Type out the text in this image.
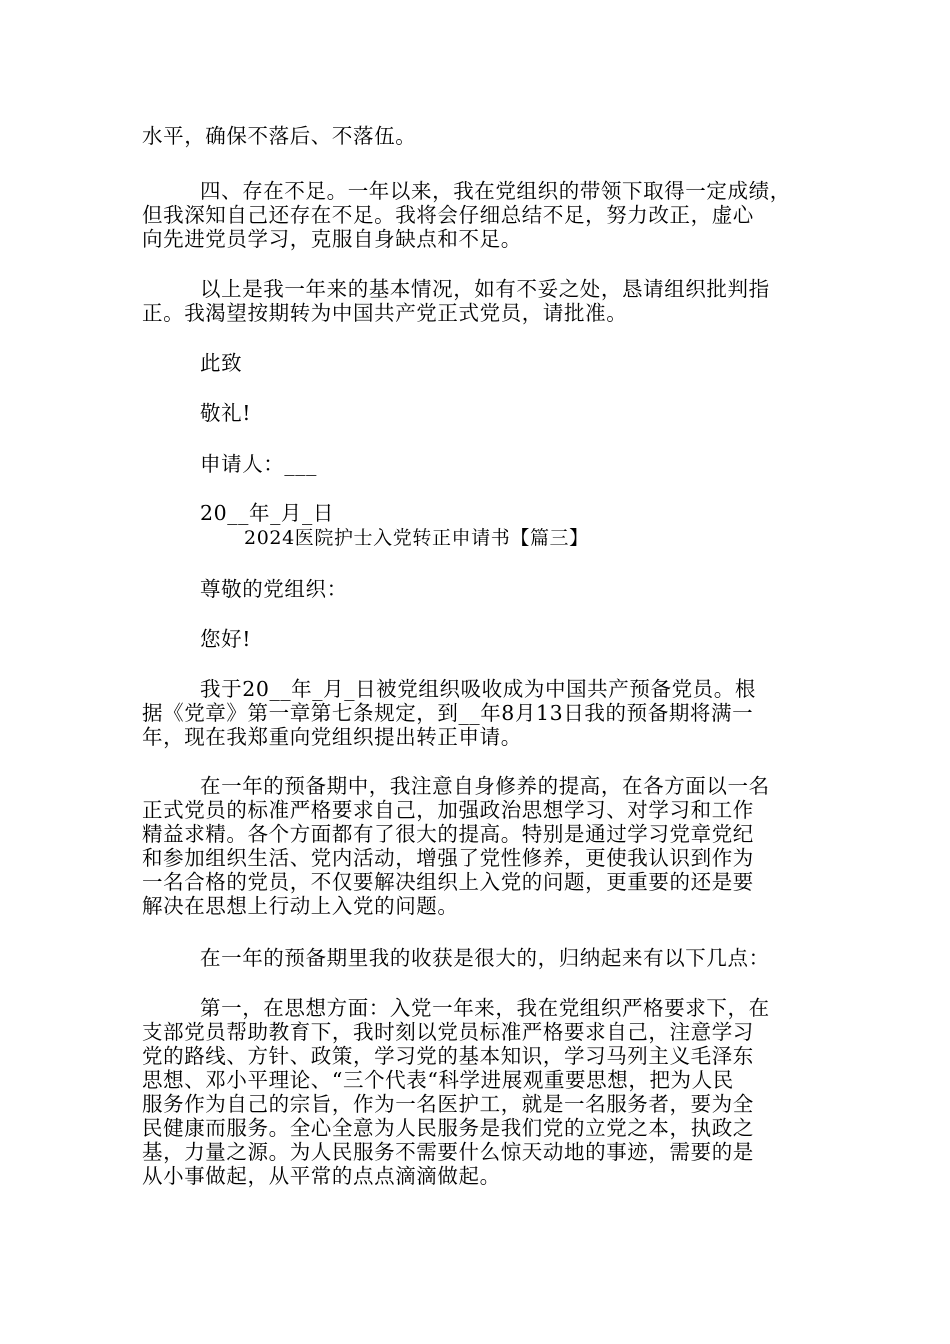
水平，确保不落后、不落伍。
四、存在不足。一年以来，我在党组织的带领下取得一定成绩，
但我深知自己还存在不足。我将会仔细总结不足，努力改正，虚心
向先进党员学习，克服自身缺点和不足。
以上是我一年来的基本情况，如有不妥之处，恳请组织批判指
正。我渴望按期转为中国共产党正式党员，请批准。
此致
敬礼!
申请人：___
20__年_月_日
2024医院护士入党转正申请书【篇三】
尊敬的党组织：
您好!
我于20__年_月_日被党组织吸收成为中国共产预备党员。根
据《党章》第一章第七条规定，到__年8月13日我的预备期将满一
年，现在我郑重向党组织提出转正申请。
在一年的预备期中，我注意自身修养的提高，在各方面以一名
正式党员的标准严格要求自己，加强政治思想学习、对学习和工作
精益求精。各个方面都有了很大的提高。特别是通过学习党章党纪
和参加组织生活、党内活动，增强了党性修养，更使我认识到作为
一名合格的党员，不仅要解决组织上入党的问题，更重要的还是要
解决在思想上行动上入党的问题。
在一年的预备期里我的收获是很大的，归纳起来有以下几点：
第一，在思想方面：入党一年来，我在党组织严格要求下，在
支部党员帮助教育下，我时刻以党员标准严格要求自己，注意学习
党的路线、方针、政策，学习党的基本知识，学习马列主义毛泽东
思想、邓小平理论、“三个代表“科学进展观重要思想，把为人民
服务作为自己的宗旨，作为一名医护工，就是一名服务者，要为全
民健康而服务。全心全意为人民服务是我们党的立党之本，执政之
基，力量之源。为人民服务不需要什么惊天动地的事迹，需要的是
从小事做起，从平常的点点滴滴做起。
